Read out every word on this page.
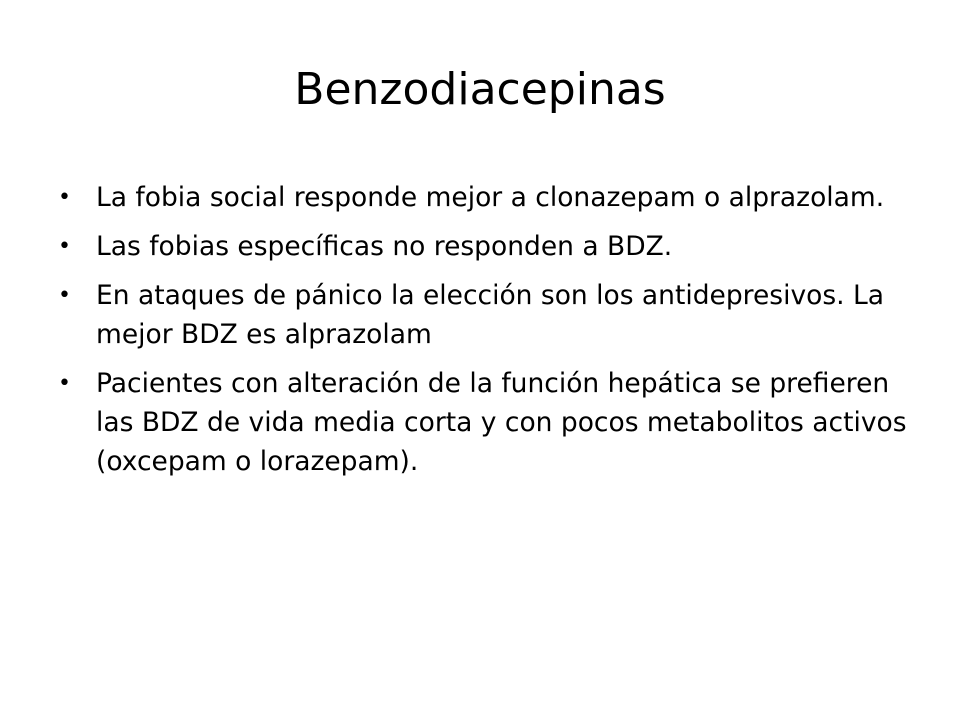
Benzodiacepinas
• La fobia social responde mejor a clonazepam o alprazolam.
• Las fobias específicas no responden a BDZ.
• En ataques de pánico la elección son los antidepresivos. La mejor BDZ es alprazolam
• Pacientes con alteración de la función hepática se prefieren las BDZ de vida media corta y con pocos metabolitos activos (oxcepam o lorazepam).
